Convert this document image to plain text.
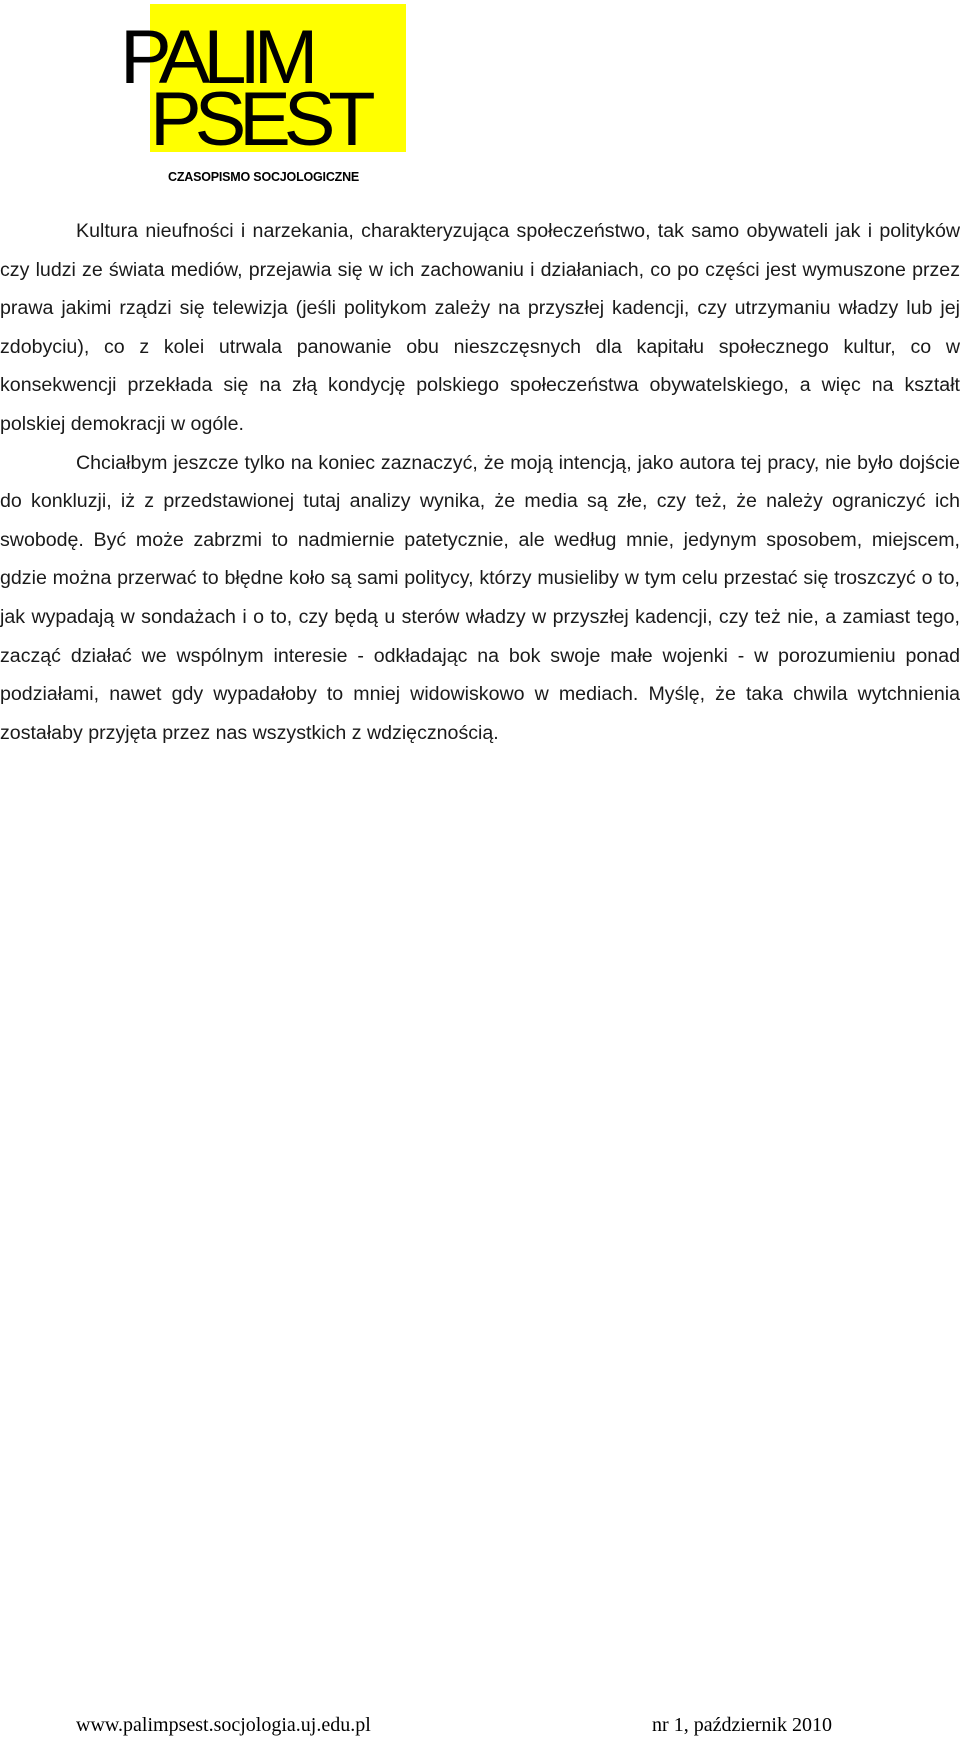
PALIM
PSEST
CZASOPISMO SOCJOLOGICZNE

Kultura nieufności i narzekania, charakteryzująca społeczeństwo, tak samo obywateli jak i polityków czy ludzi ze świata mediów, przejawia się w ich zachowaniu i działaniach, co po części jest wymuszone przez prawa jakimi rządzi się telewizja (jeśli politykom zależy na przyszłej kadencji, czy utrzymaniu władzy lub jej zdobyciu), co z kolei utrwala panowanie obu nieszczęsnych dla kapitału społecznego kultur, co w konsekwencji przekłada się na złą kondycję polskiego społeczeństwa obywatelskiego, a więc na kształt polskiej demokracji w ogóle.

Chciałbym jeszcze tylko na koniec zaznaczyć, że moją intencją, jako autora tej pracy, nie było dojście do konkluzji, iż z przedstawionej tutaj analizy wynika, że media są złe, czy też, że należy ograniczyć ich swobodę. Być może zabrzmi to nadmiernie patetycznie, ale według mnie, jedynym sposobem, miejscem, gdzie można przerwać to błędne koło są sami politycy, którzy musieliby w tym celu przestać się troszczyć o to, jak wypadają w sondażach i o to, czy będą u sterów władzy w przyszłej kadencji, czy też nie, a zamiast tego, zacząć działać we wspólnym interesie - odkładając na bok swoje małe wojenki - w porozumieniu ponad podziałami, nawet gdy wypadałoby to mniej widowiskowo w mediach. Myślę, że taka chwila wytchnienia zostałaby przyjęta przez nas wszystkich z wdzięcznością.

www.palimpsest.socjologia.uj.edu.pl	nr 1, październik 2010
